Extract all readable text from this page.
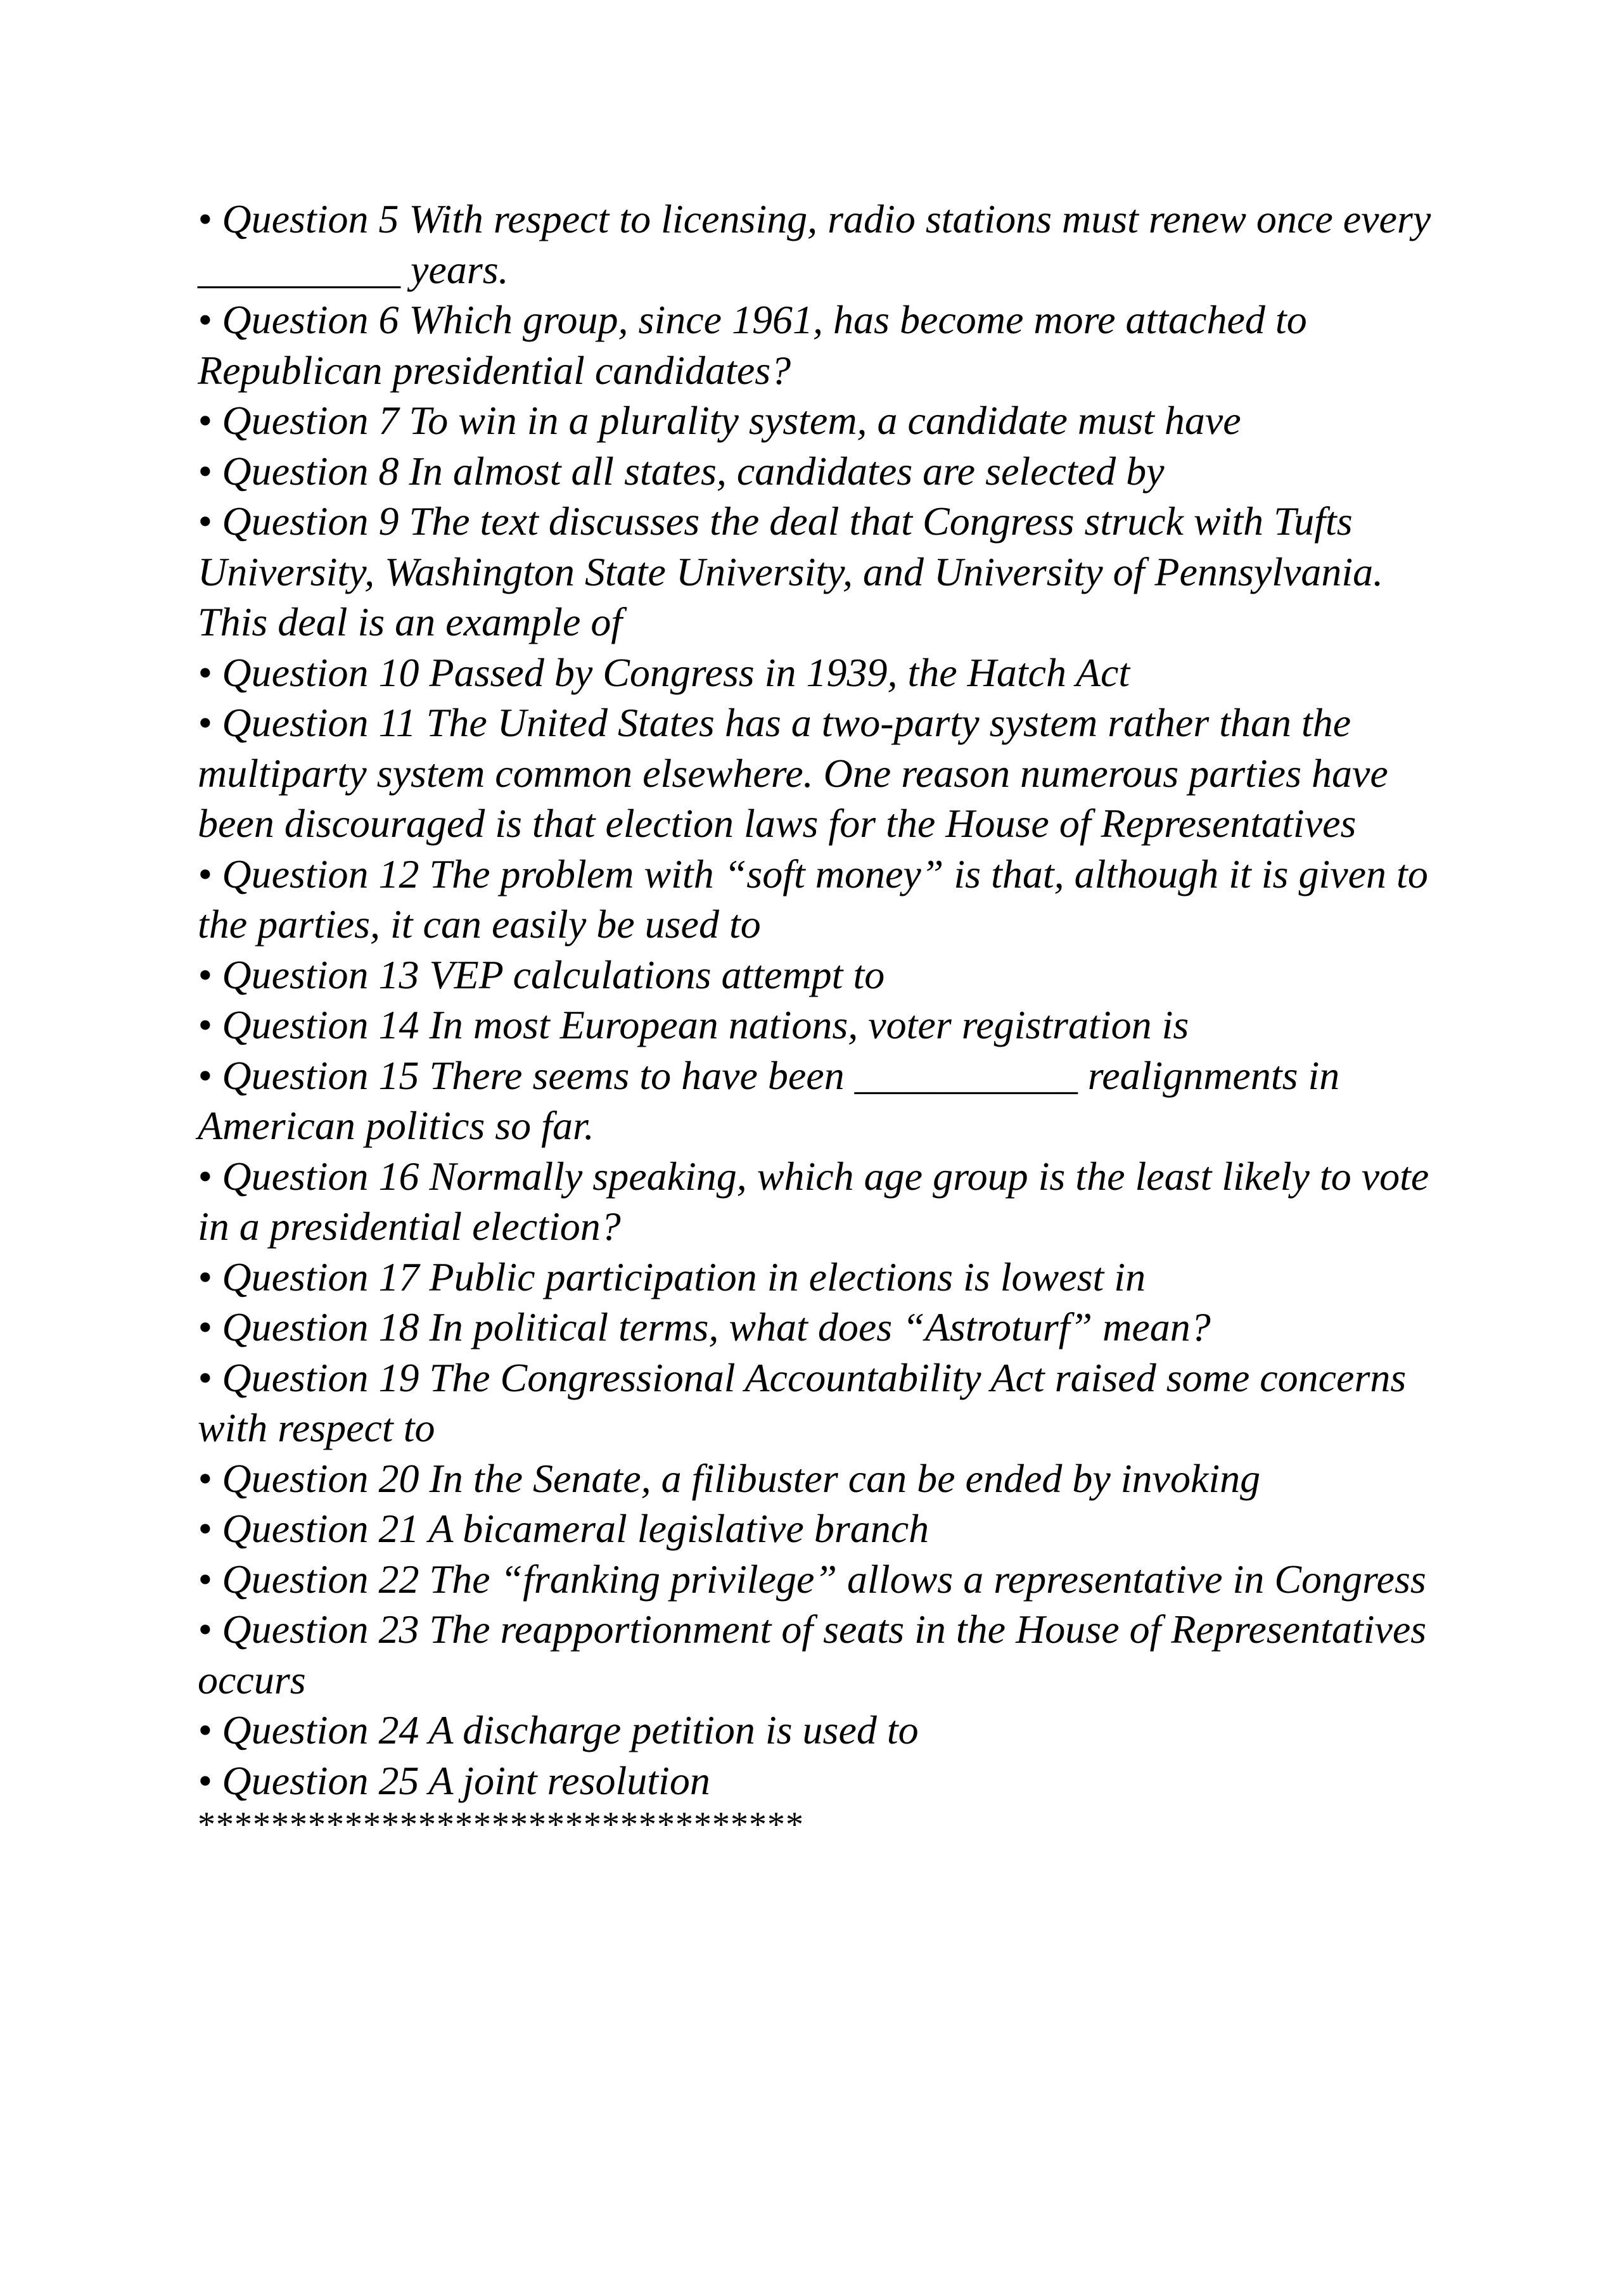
• Question 5 With respect to licensing, radio stations must renew once every __________ years.

• Question 6 Which group, since 1961, has become more attached to Republican presidential candidates?

• Question 7 To win in a plurality system, a candidate must have

• Question 8 In almost all states, candidates are selected by

• Question 9 The text discusses the deal that Congress struck with Tufts University, Washington State University, and University of Pennsylvania. This deal is an example of

• Question 10 Passed by Congress in 1939, the Hatch Act

• Question 11 The United States has a two-party system rather than the multiparty system common elsewhere. One reason numerous parties have been discouraged is that election laws for the House of Representatives

• Question 12 The problem with “soft money” is that, although it is given to the parties, it can easily be used to

• Question 13 VEP calculations attempt to

• Question 14 In most European nations, voter registration is

• Question 15 There seems to have been ___________ realignments in American politics so far.

• Question 16 Normally speaking, which age group is the least likely to vote in a presidential election?

• Question 17 Public participation in elections is lowest in

• Question 18 In political terms, what does “Astroturf” mean?

• Question 19 The Congressional Accountability Act raised some concerns with respect to

• Question 20 In the Senate, a filibuster can be ended by invoking

• Question 21 A bicameral legislative branch

• Question 22 The “franking privilege” allows a representative in Congress

• Question 23 The reapportionment of seats in the House of Representatives occurs

• Question 24 A discharge petition is used to

• Question 25 A joint resolution

*********************************
